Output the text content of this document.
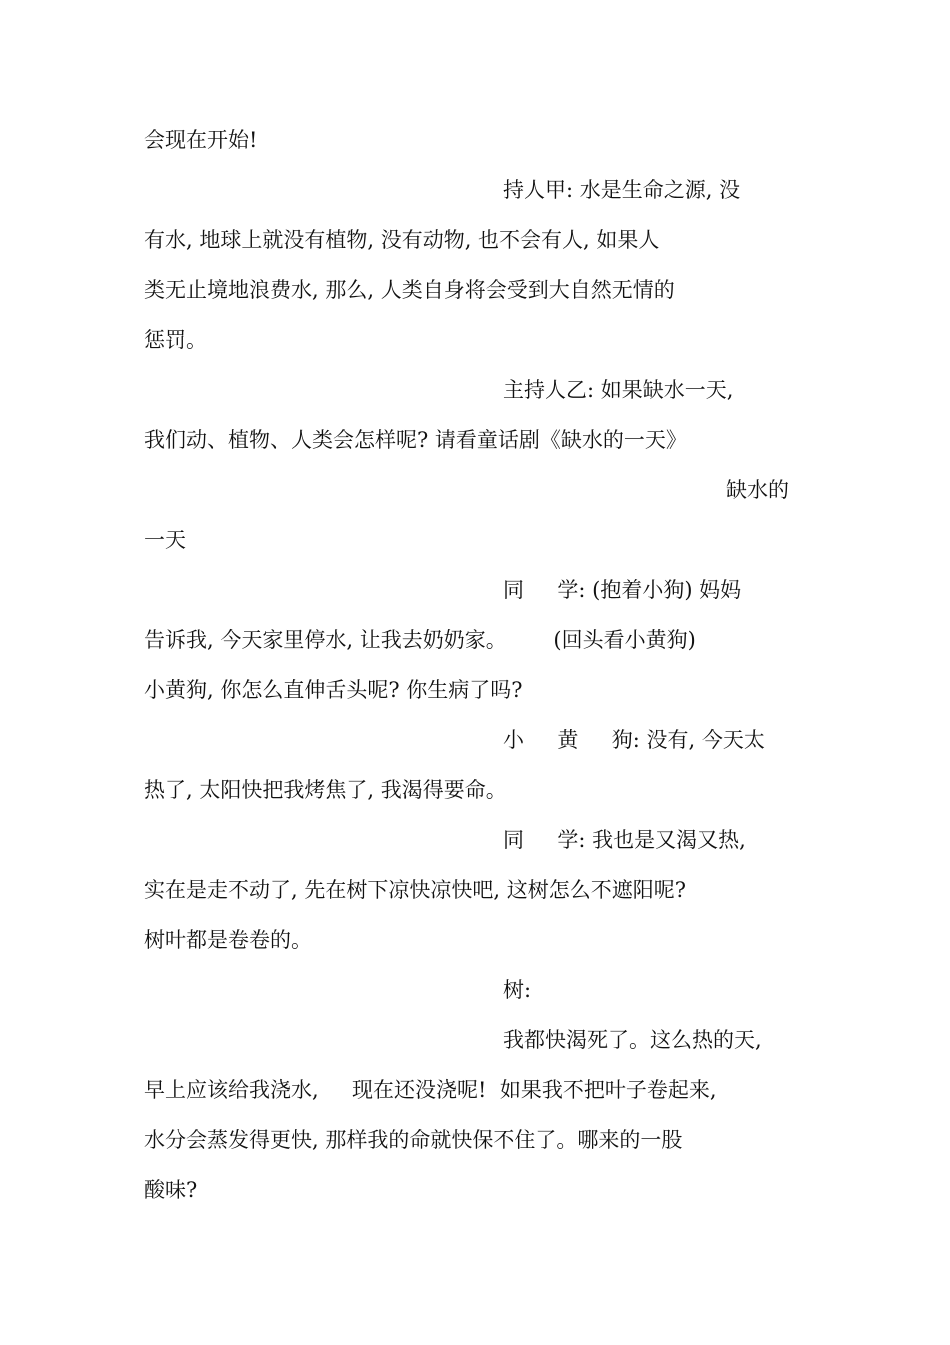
会现在开始!

持人甲: 水是生命之源, 没

有水, 地球上就没有植物, 没有动物, 也不会有人, 如果人

类无止境地浪费水, 那么, 人类自身将会受到大自然无情的

惩罚。

主持人乙: 如果缺水一天,

我们动、植物、人类会怎样呢? 请看童话剧《缺水的一天》

缺水的

一天

同     学: (抱着小狗) 妈妈

告诉我, 今天家里停水, 让我去奶奶家。       (回头看小黄狗)

小黄狗, 你怎么直伸舌头呢? 你生病了吗?

小     黄     狗: 没有, 今天太

热了, 太阳快把我烤焦了, 我渴得要命。

同     学: 我也是又渴又热,

实在是走不动了, 先在树下凉快凉快吧, 这树怎么不遮阳呢?

树叶都是卷卷的。

树:

我都快渴死了。这么热的天,

早上应该给我浇水,     现在还没浇呢!  如果我不把叶子卷起来,

水分会蒸发得更快, 那样我的命就快保不住了。哪来的一股

酸味?
